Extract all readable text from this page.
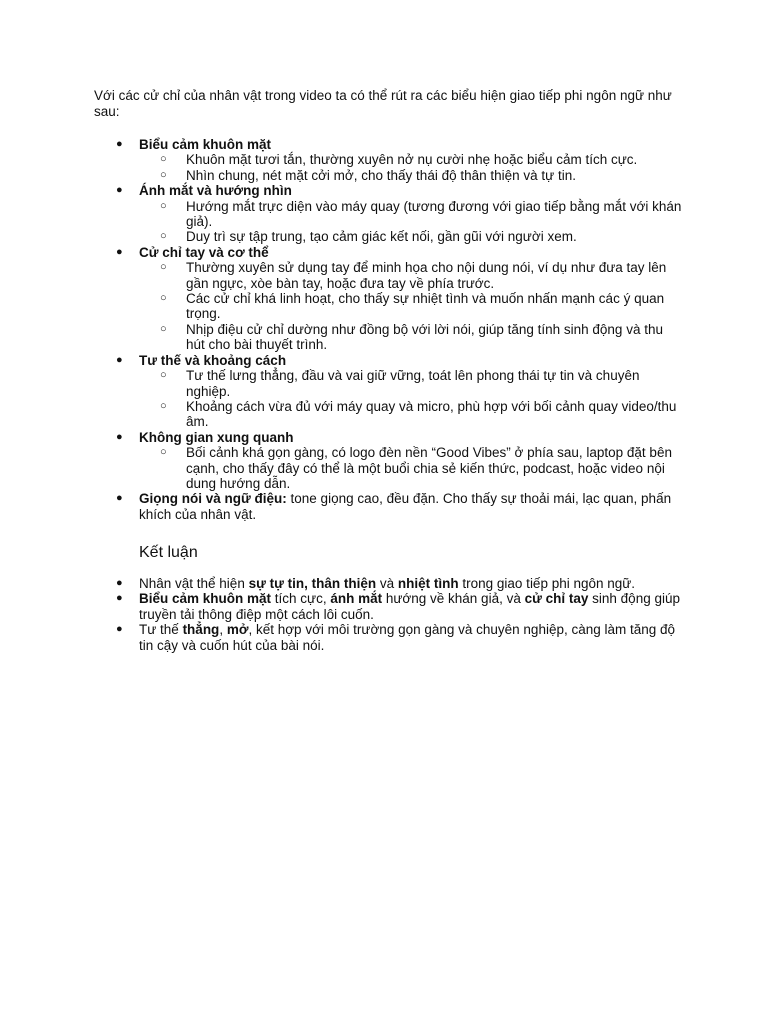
Với các cử chỉ của nhân vật trong video ta có thể rút ra các biểu hiện giao tiếp phi ngôn ngữ như sau:

● Biểu cảm khuôn mặt
○ Khuôn mặt tươi tắn, thường xuyên nở nụ cười nhẹ hoặc biểu cảm tích cực.
○ Nhìn chung, nét mặt cởi mở, cho thấy thái độ thân thiện và tự tin.
● Ánh mắt và hướng nhìn
○ Hướng mắt trực diện vào máy quay (tương đương với giao tiếp bằng mắt với khán giả).
○ Duy trì sự tập trung, tạo cảm giác kết nối, gần gũi với người xem.
● Cử chỉ tay và cơ thể
○ Thường xuyên sử dụng tay để minh họa cho nội dung nói, ví dụ như đưa tay lên gần ngực, xòe bàn tay, hoặc đưa tay về phía trước.
○ Các cử chỉ khá linh hoạt, cho thấy sự nhiệt tình và muốn nhấn mạnh các ý quan trọng.
○ Nhịp điệu cử chỉ dường như đồng bộ với lời nói, giúp tăng tính sinh động và thu hút cho bài thuyết trình.
● Tư thế và khoảng cách
○ Tư thế lưng thẳng, đầu và vai giữ vững, toát lên phong thái tự tin và chuyên nghiệp.
○ Khoảng cách vừa đủ với máy quay và micro, phù hợp với bối cảnh quay video/thu âm.
● Không gian xung quanh
○ Bối cảnh khá gọn gàng, có logo đèn nền “Good Vibes” ở phía sau, laptop đặt bên cạnh, cho thấy đây có thể là một buổi chia sẻ kiến thức, podcast, hoặc video nội dung hướng dẫn.
● Giọng nói và ngữ điệu: tone giọng cao, đều đặn. Cho thấy sự thoải mái, lạc quan, phấn khích của nhân vật.
Kết luận
● Nhân vật thể hiện sự tự tin, thân thiện và nhiệt tình trong giao tiếp phi ngôn ngữ.
● Biểu cảm khuôn mặt tích cực, ánh mắt hướng về khán giả, và cử chỉ tay sinh động giúp truyền tải thông điệp một cách lôi cuốn.
● Tư thế thẳng, mở, kết hợp với môi trường gọn gàng và chuyên nghiệp, càng làm tăng độ tin cậy và cuốn hút của bài nói.
